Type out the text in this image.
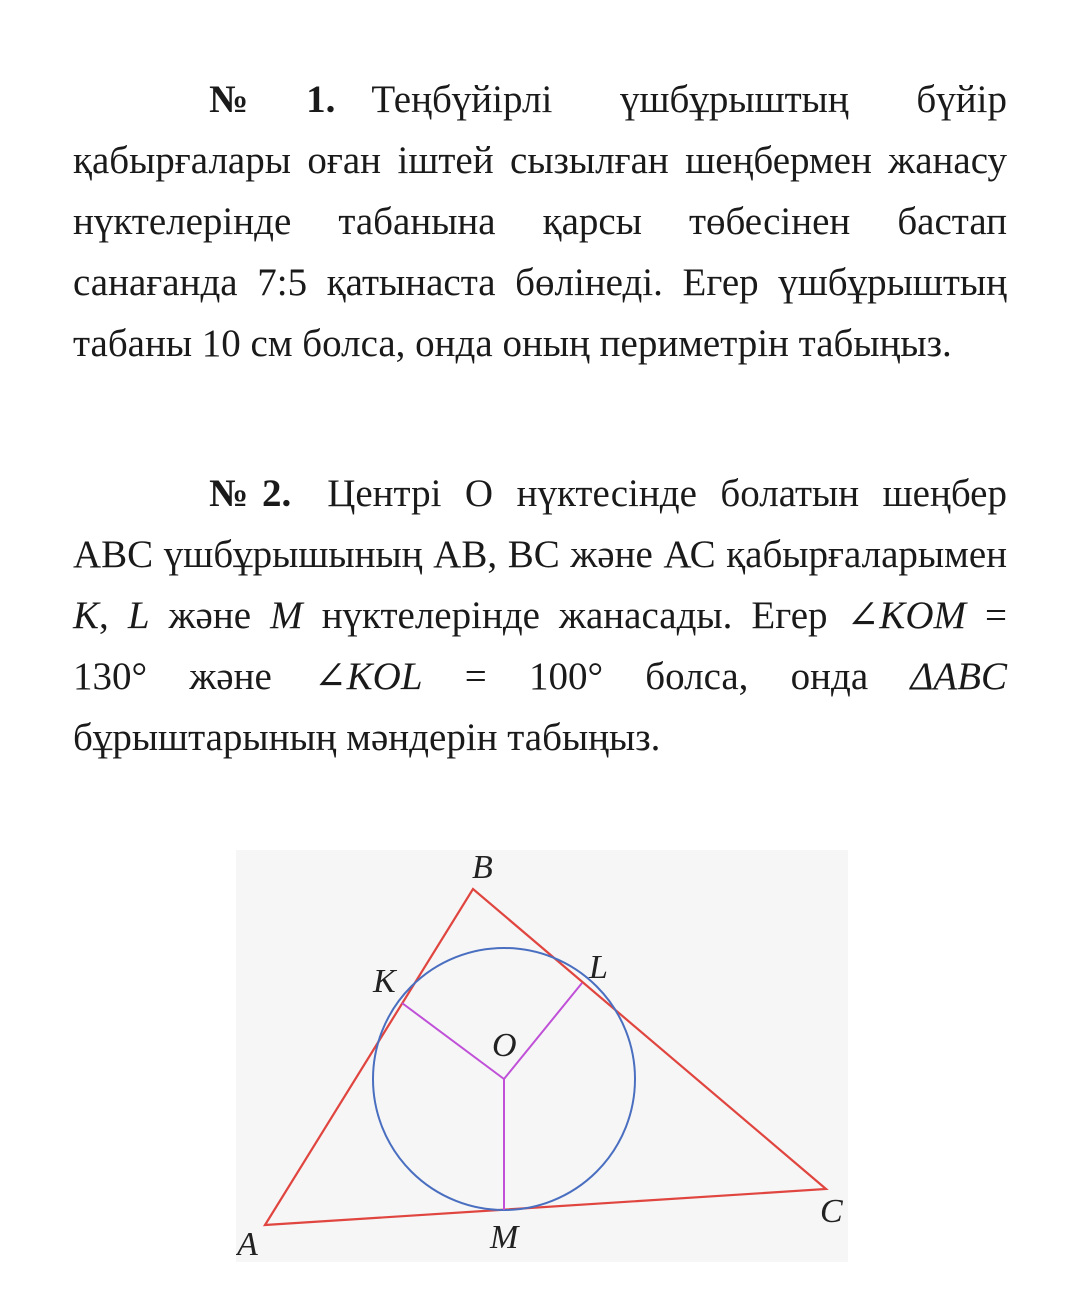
№1. Теңбүйірлі үшбұрыштың бүйір қабырғалары оған іштей сызылған шеңбермен жанасу нүктелерінде табанына қарсы төбесінен бастап санағанда 7:5 қатынаста бөлінеді. Егер үшбұрыштың табаны 10 см болса, онда оның периметрін табыңыз.

№2. Центрі О нүктесінде болатын шеңбер АВС үшбұрышының АВ, ВС және АС қабырғаларымен K, L және M нүктелерінде жанасады. Егер ∠KOM = 130° және ∠KOL = 100° болса, онда ΔABC бұрыштарының мәндерін табыңыз.

B
K	L
O
C
M
A
